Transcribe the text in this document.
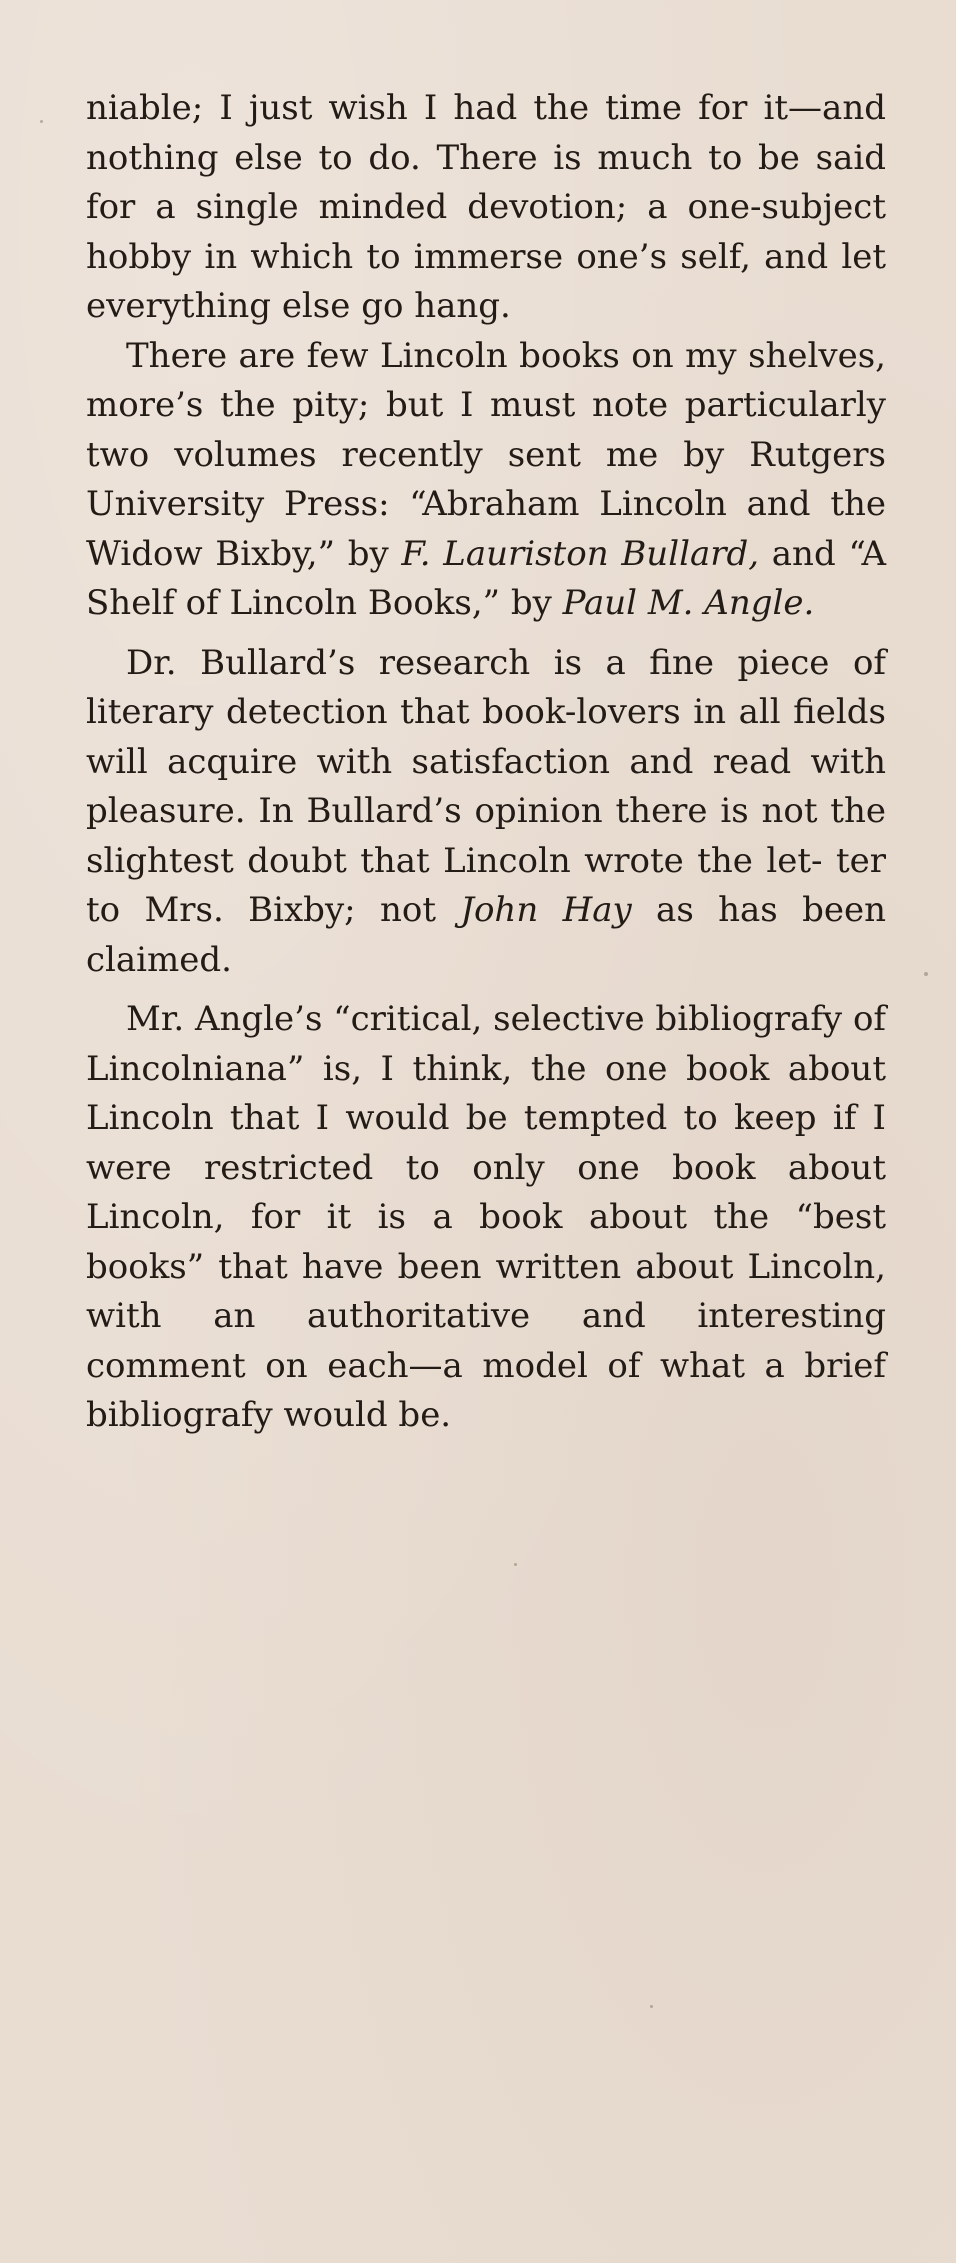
niable; I just wish I had the time for it—and nothing else to do. There is much to be said for a single minded devotion; a one-subject hobby in which to immerse one’s self, and let everything else go hang.

There are few Lincoln books on my shelves, more’s the pity; but I must note particularly two volumes recently sent me by Rutgers University Press: “Abraham Lincoln and the Widow Bixby,” by F. Lauriston Bullard, and “A Shelf of Lincoln Books,” by Paul M. Angle.

Dr. Bullard’s research is a fine piece of literary detection that book-lovers in all fields will acquire with satisfaction and read with pleasure. In Bullard’s opinion there is not the slightest doubt that Lincoln wrote the let- ter to Mrs. Bixby; not John Hay as has been claimed.

Mr. Angle’s “critical, selective bibliografy of Lincolniana” is, I think, the one book about Lincoln that I would be tempted to keep if I were restricted to only one book about Lincoln, for it is a book about the “best books” that have been written about Lincoln, with an authoritative and interesting comment on each—a model of what a brief bibliografy would be.
